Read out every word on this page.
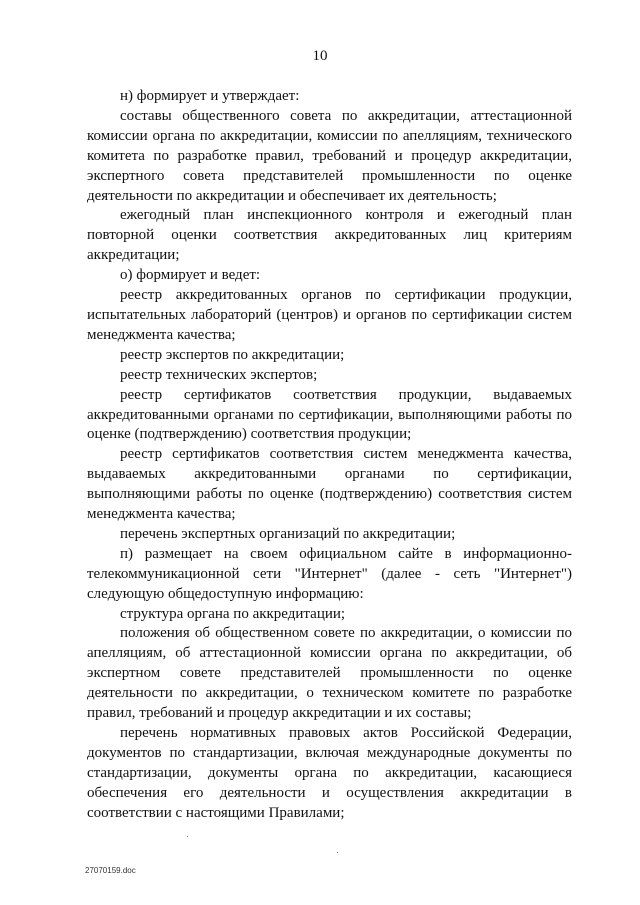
10

н) формирует и утверждает:

составы общественного совета по аккредитации, аттестационной комиссии органа по аккредитации, комиссии по апелляциям, технического комитета по разработке правил, требований и процедур аккредитации, экспертного совета представителей промышленности по оценке деятельности по аккредитации и обеспечивает их деятельность;

ежегодный план инспекционного контроля и ежегодный план повторной оценки соответствия аккредитованных лиц критериям аккредитации;

о) формирует и ведет:

реестр аккредитованных органов по сертификации продукции, испытательных лабораторий (центров) и органов по сертификации систем менеджмента качества;

реестр экспертов по аккредитации;

реестр технических экспертов;

реестр сертификатов соответствия продукции, выдаваемых аккредитованными органами по сертификации, выполняющими работы по оценке (подтверждению) соответствия продукции;

реестр сертификатов соответствия систем менеджмента качества, выдаваемых аккредитованными органами по сертификации, выполняющими работы по оценке (подтверждению) соответствия систем менеджмента качества;

перечень экспертных организаций по аккредитации;

п) размещает на своем официальном сайте в информационно-телекоммуникационной сети "Интернет" (далее - сеть "Интернет") следующую общедоступную информацию:

структура органа по аккредитации;

положения об общественном совете по аккредитации, о комиссии по апелляциям, об аттестационной комиссии органа по аккредитации, об экспертном совете представителей промышленности по оценке деятельности по аккредитации, о техническом комитете по разработке правил, требований и процедур аккредитации и их составы;

перечень нормативных правовых актов Российской Федерации, документов по стандартизации, включая международные документы по стандартизации, документы органа по аккредитации, касающиеся обеспечения его деятельности и осуществления аккредитации в соответствии с настоящими Правилами;

27070159.doc
